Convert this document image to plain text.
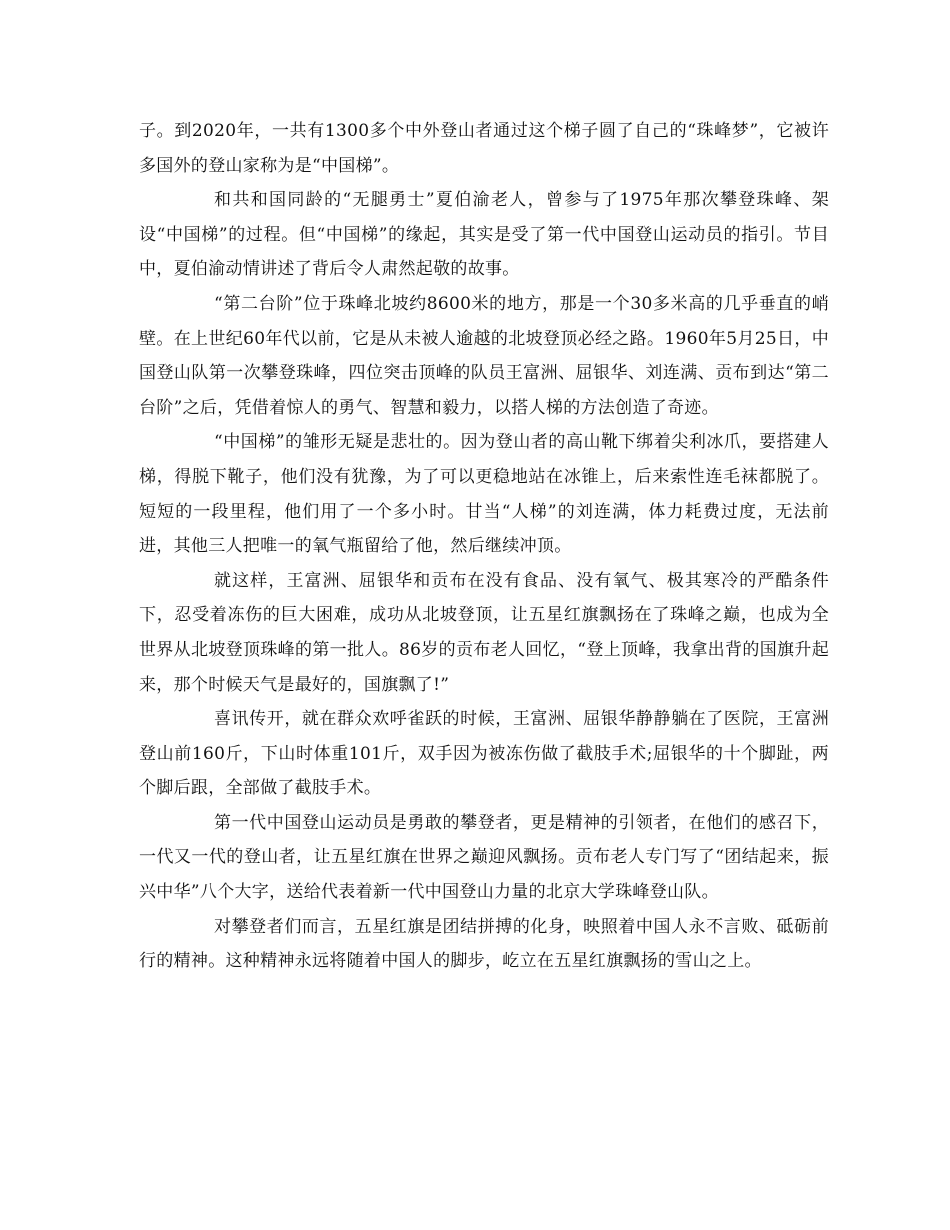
子。到2020年，一共有1300多个中外登山者通过这个梯子圆了自己的“珠峰梦”，它被许多国外的登山家称为是“中国梯”。

和共和国同龄的“无腿勇士”夏伯渝老人，曾参与了1975年那次攀登珠峰、架设“中国梯”的过程。但“中国梯”的缘起，其实是受了第一代中国登山运动员的指引。节目中，夏伯渝动情讲述了背后令人肃然起敬的故事。

“第二台阶”位于珠峰北坡约8600米的地方，那是一个30多米高的几乎垂直的峭壁。在上世纪60年代以前，它是从未被人逾越的北坡登顶必经之路。1960年5月25日，中国登山队第一次攀登珠峰，四位突击顶峰的队员王富洲、屈银华、刘连满、贡布到达“第二台阶”之后，凭借着惊人的勇气、智慧和毅力，以搭人梯的方法创造了奇迹。

“中国梯”的雏形无疑是悲壮的。因为登山者的高山靴下绑着尖利冰爪，要搭建人梯，得脱下靴子，他们没有犹豫，为了可以更稳地站在冰锥上，后来索性连毛袜都脱了。短短的一段里程，他们用了一个多小时。甘当“人梯”的刘连满，体力耗费过度，无法前进，其他三人把唯一的氧气瓶留给了他，然后继续冲顶。

就这样，王富洲、屈银华和贡布在没有食品、没有氧气、极其寒冷的严酷条件下，忍受着冻伤的巨大困难，成功从北坡登顶，让五星红旗飘扬在了珠峰之巅，也成为全世界从北坡登顶珠峰的第一批人。86岁的贡布老人回忆，“登上顶峰，我拿出背的国旗升起来，那个时候天气是最好的，国旗飘了!”

喜讯传开，就在群众欢呼雀跃的时候，王富洲、屈银华静静躺在了医院，王富洲登山前160斤，下山时体重101斤，双手因为被冻伤做了截肢手术;屈银华的十个脚趾，两个脚后跟，全部做了截肢手术。

第一代中国登山运动员是勇敢的攀登者，更是精神的引领者，在他们的感召下，一代又一代的登山者，让五星红旗在世界之巅迎风飘扬。贡布老人专门写了“团结起来，振兴中华”八个大字，送给代表着新一代中国登山力量的北京大学珠峰登山队。

对攀登者们而言，五星红旗是团结拼搏的化身，映照着中国人永不言败、砥砺前行的精神。这种精神永远将随着中国人的脚步，屹立在五星红旗飘扬的雪山之上。
